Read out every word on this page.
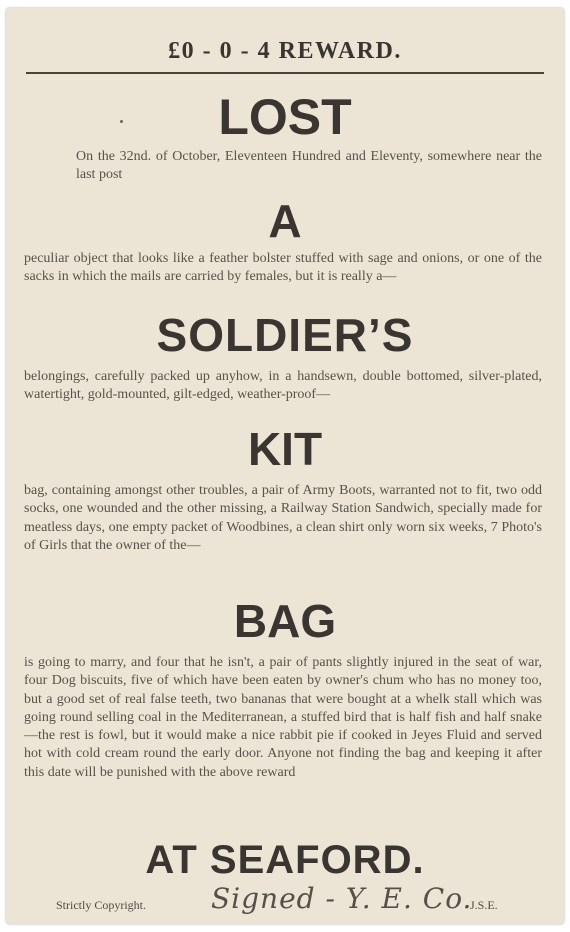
£0 - 0 - 4 REWARD.
LOST
On the 32nd. of October, Eleventeen Hundred and Eleventy, somewhere near the last post
A
peculiar object that looks like a feather bolster stuffed with sage and onions, or one of the sacks in which the mails are carried by females, but it is really a—
SOLDIER’S
belongings, carefully packed up anyhow, in a handsewn, double bottomed, silver-plated, watertight, gold-mounted, gilt-edged, weather-proof—
KIT
bag, containing amongst other troubles, a pair of Army Boots, warranted not to fit, two odd socks, one wounded and the other missing, a Railway Station Sandwich, specially made for meatless days, one empty packet of Woodbines, a clean shirt only worn six weeks, 7 Photo's of Girls that the owner of the—
BAG
is going to marry, and four that he isn't, a pair of pants slightly injured in the seat of war, four Dog biscuits, five of which have been eaten by owner's chum who has no money too, but a good set of real false teeth, two bananas that were bought at a whelk stall which was going round selling coal in the Mediterranean, a stuffed bird that is half fish and half snake—the rest is fowl, but it would make a nice rabbit pie if cooked in Jeyes Fluid and served hot with cold cream round the early door. Anyone not finding the bag and keeping it after this date will be punished with the above reward
AT SEAFORD.
Strictly Copyright. Signed - Y. E. Co.
J.S.E.
